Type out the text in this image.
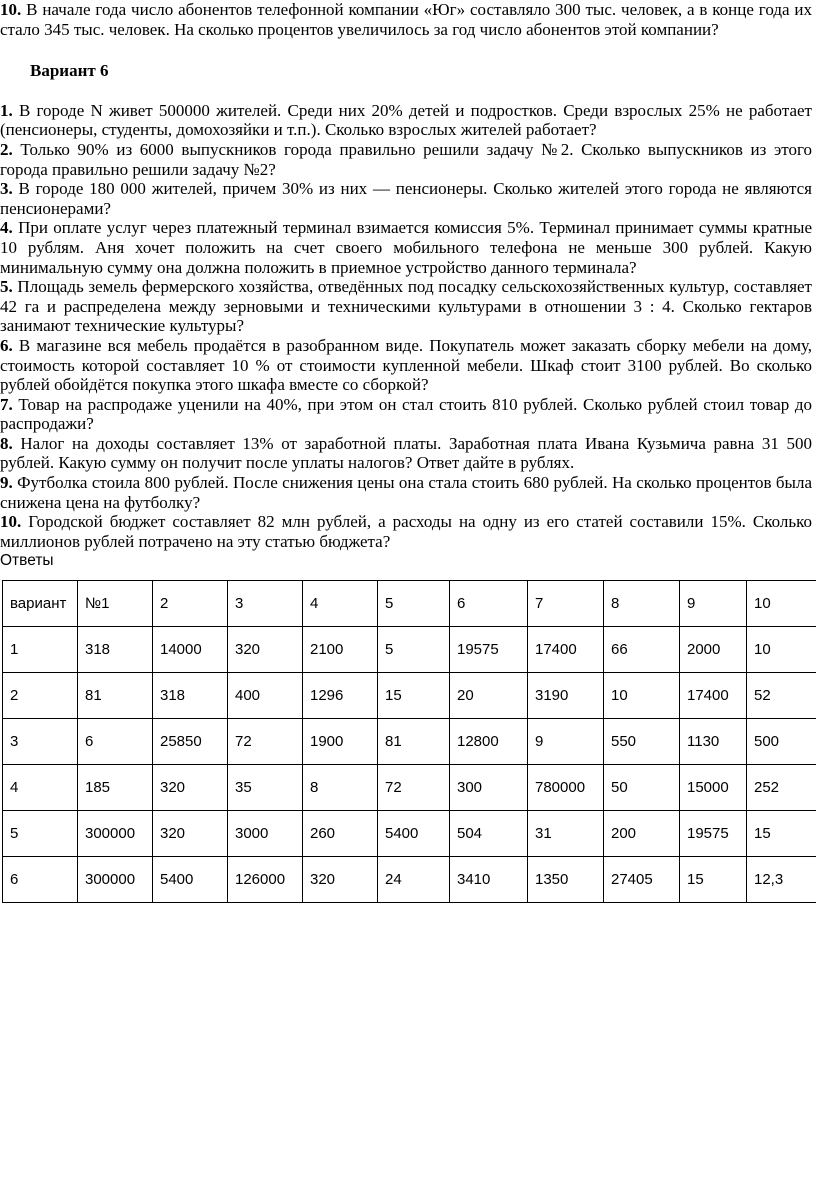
10. В начале года число абонентов телефонной компании «Юг» составляло 300 тыс. человек, а в конце года их стало 345 тыс. человек. На сколько процентов увеличилось за год число абонентов этой компании?

Вариант 6

1. В городе N живет 500000 жителей. Среди них 20% детей и подростков. Среди взрослых 25% не работает (пенсионеры, студенты, домохозяйки и т.п.). Сколько взрослых жителей работает?

2. Только 90% из 6000 выпускников города правильно решили задачу №2. Сколько выпускников из этого города правильно решили задачу №2?

3. В городе 180 000 жителей, причем 30% из них — пенсионеры. Сколько жителей этого города не являются пенсионерами?

4. При оплате услуг через платежный терминал взимается комиссия 5%. Терминал принимает суммы кратные 10 рублям. Аня хочет положить на счет своего мобильного телефона не меньше 300 рублей. Какую минимальную сумму она должна положить в приемное устройство данного терминала?

5. Площадь земель фермерского хозяйства, отведённых под посадку сельскохозяйственных культур, составляет 42 га и распределена между зерновыми и техническими культурами в отношении 3 : 4. Сколько гектаров занимают технические культуры?

6. В магазине вся мебель продаётся в разобранном виде. Покупатель может заказать сборку мебели на дому, стоимость которой составляет 10 % от стоимости купленной мебели. Шкаф стоит 3100 рублей. Во сколько рублей обойдётся покупка этого шкафа вместе со сборкой?

7. Товар на распродаже уценили на 40%, при этом он стал стоить 810 рублей. Сколько рублей стоил товар до распродажи?

8. Налог на доходы составляет 13% от заработной платы. Заработная плата Ивана Кузьмича равна 31 500 рублей. Какую сумму он получит после уплаты налогов? Ответ дайте в рублях.

9. Футболка стоила 800 рублей. После снижения цены она стала стоить 680 рублей. На сколько процентов была снижена цена на футболку?

10. Городской бюджет составляет 82 млн рублей, а расходы на одну из его статей составили 15%. Сколько миллионов рублей потрачено на эту статью бюджета?

Ответы
вариант	№1	2	3	4	5	6	7	8	9	10
1	318	14000	320	2100	5	19575	17400	66	2000	10
2	81	318	400	1296	15	20	3190	10	17400	52
3	6	25850	72	1900	81	12800	9	550	1130	500
4	185	320	35	8	72	300	780000	50	15000	252
5	300000	320	3000	260	5400	504	31	200	19575	15
6	300000	5400	126000	320	24	3410	1350	27405	15	12,3
